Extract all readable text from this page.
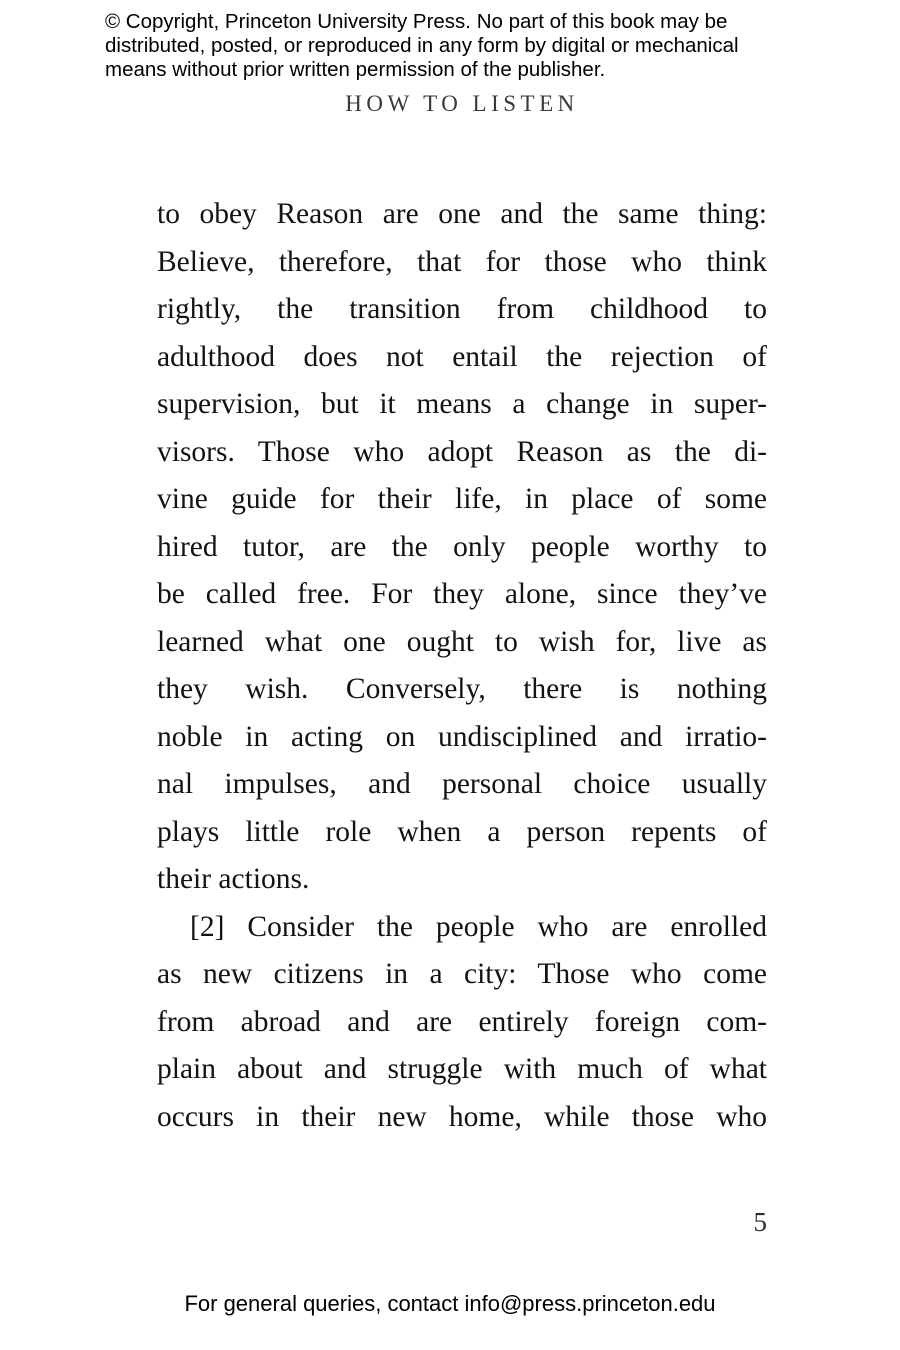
© Copyright, Princeton University Press. No part of this book may be
distributed, posted, or reproduced in any form by digital or mechanical
means without prior written permission of the publisher.
HOW TO LISTEN
to obey Reason are one and the same thing:
Believe, therefore, that for those who think
rightly, the transition from childhood to
adulthood does not entail the rejection of
supervision, but it means a change in super-
visors. Those who adopt Reason as the di-
vine guide for their life, in place of some
hired tutor, are the only people worthy to
be called free. For they alone, since they’ve
learned what one ought to wish for, live as
they wish. Conversely, there is nothing
noble in acting on undisciplined and irratio-
nal impulses, and personal choice usually
plays little role when a person repents of
their actions.
[2] Consider the people who are enrolled
as new citizens in a city: Those who come
from abroad and are entirely foreign com-
plain about and struggle with much of what
occurs in their new home, while those who
5
For general queries, contact info@press.princeton.edu
